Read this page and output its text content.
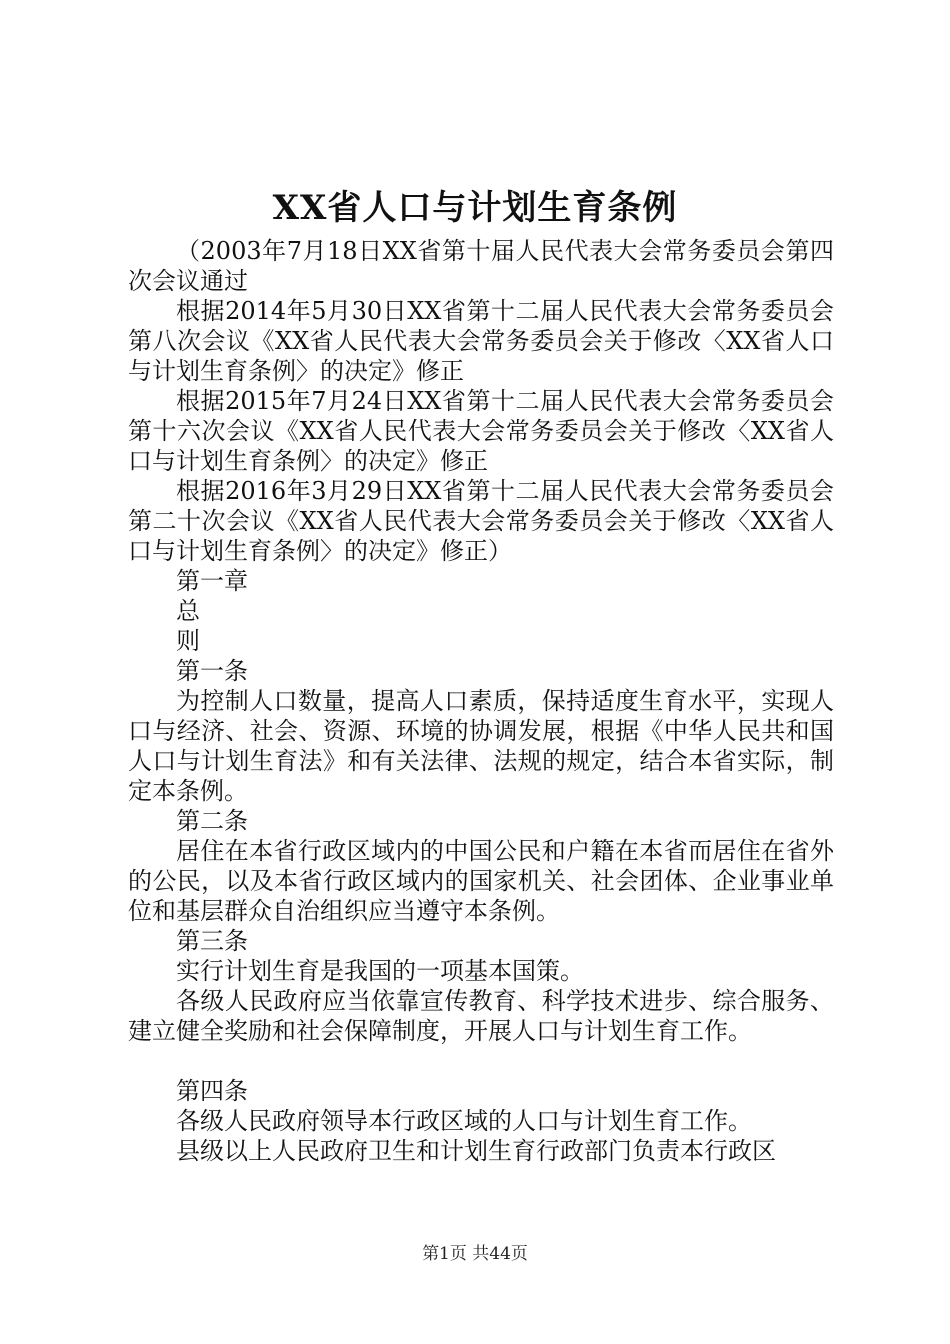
XX省人口与计划生育条例

（2003年7月18日XX省第十届人民代表大会常务委员会第四次会议通过

根据2014年5月30日XX省第十二届人民代表大会常务委员会第八次会议《XX省人民代表大会常务委员会关于修改〈XX省人口与计划生育条例〉的决定》修正

根据2015年7月24日XX省第十二届人民代表大会常务委员会第十六次会议《XX省人民代表大会常务委员会关于修改〈XX省人口与计划生育条例〉的决定》修正

根据2016年3月29日XX省第十二届人民代表大会常务委员会第二十次会议《XX省人民代表大会常务委员会关于修改〈XX省人口与计划生育条例〉的决定》修正）

第一章

总

则

第一条

为控制人口数量，提高人口素质，保持适度生育水平，实现人口与经济、社会、资源、环境的协调发展，根据《中华人民共和国人口与计划生育法》和有关法律、法规的规定，结合本省实际，制定本条例。

第二条

居住在本省行政区域内的中国公民和户籍在本省而居住在省外的公民，以及本省行政区域内的国家机关、社会团体、企业事业单位和基层群众自治组织应当遵守本条例。

第三条

实行计划生育是我国的一项基本国策。

各级人民政府应当依靠宣传教育、科学技术进步、综合服务、建立健全奖励和社会保障制度，开展人口与计划生育工作。

第四条

各级人民政府领导本行政区域的人口与计划生育工作。

县级以上人民政府卫生和计划生育行政部门负责本行政区

第1页 共44页
